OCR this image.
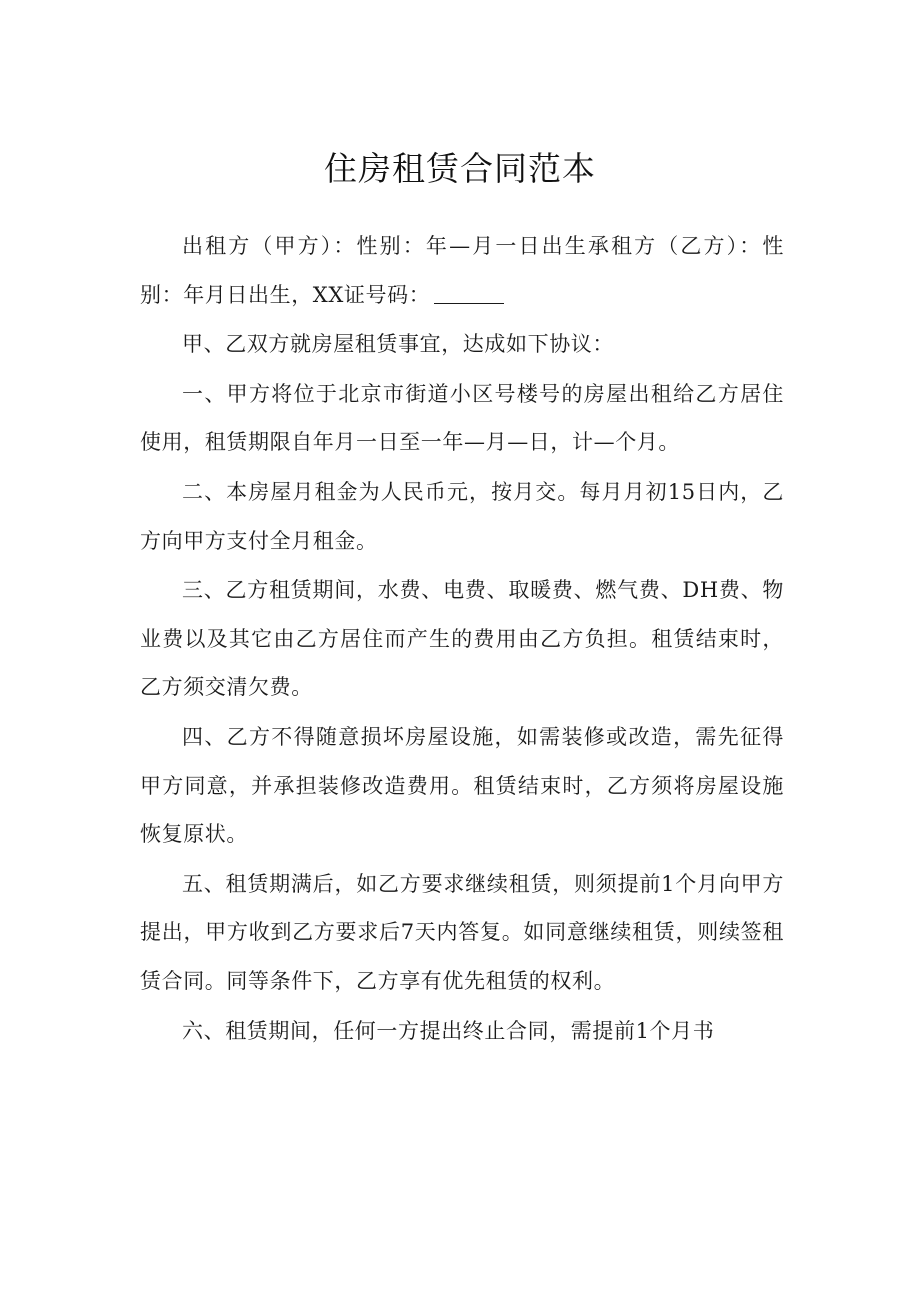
住房租赁合同范本

出租方（甲方）：性别：年—月一日出生承租方（乙方）：性别：年月日出生，XX证号码：

甲、乙双方就房屋租赁事宜，达成如下协议：

一、甲方将位于北京市街道小区号楼号的房屋出租给乙方居住使用，租赁期限自年月一日至一年—月—日，计—个月。

二、本房屋月租金为人民币元，按月交。每月月初15日内，乙方向甲方支付全月租金。

三、乙方租赁期间，水费、电费、取暖费、燃气费、DH费、物业费以及其它由乙方居住而产生的费用由乙方负担。租赁结束时，乙方须交清欠费。

四、乙方不得随意损坏房屋设施，如需装修或改造，需先征得甲方同意，并承担装修改造费用。租赁结束时，乙方须将房屋设施恢复原状。

五、租赁期满后，如乙方要求继续租赁，则须提前1个月向甲方提出，甲方收到乙方要求后7天内答复。如同意继续租赁，则续签租赁合同。同等条件下，乙方享有优先租赁的权利。

六、租赁期间，任何一方提出终止合同，需提前1个月书
